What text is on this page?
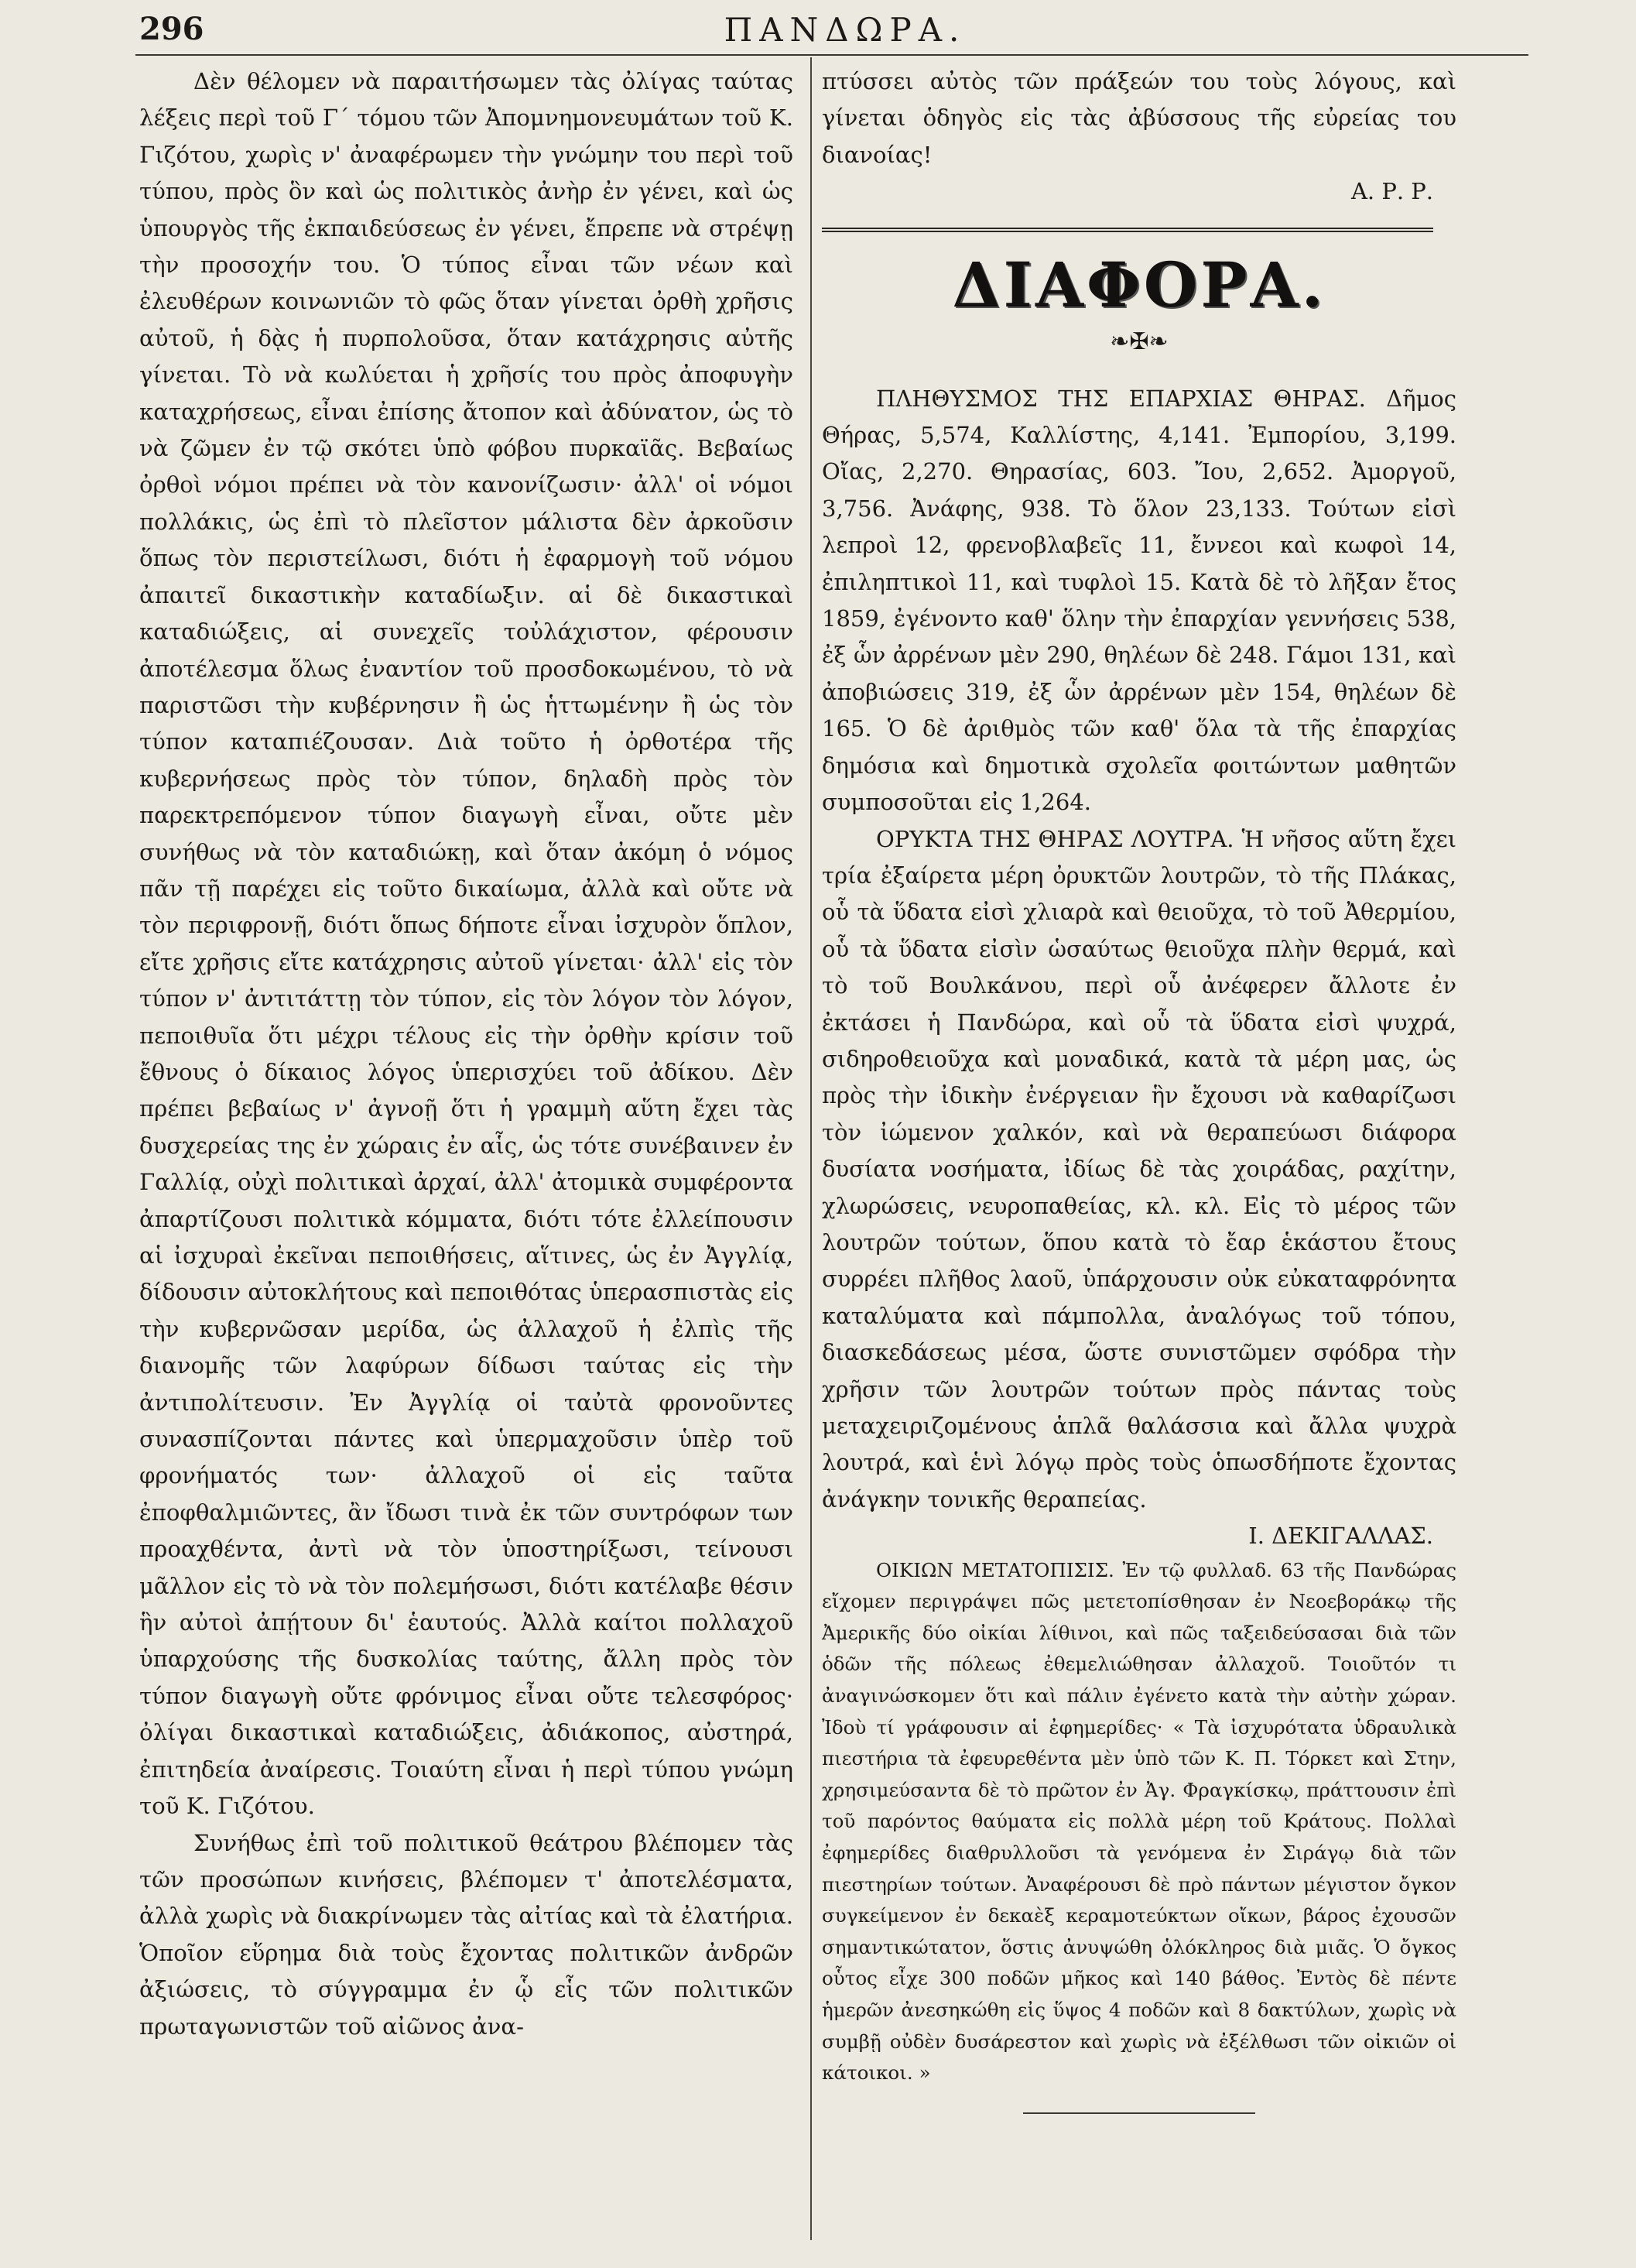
296	ΠΑΝΔΩΡΑ.

Δὲν θέλομεν νὰ παραιτήσωμεν τὰς ὀλίγας ταύτας λέξεις περὶ τοῦ Γ΄ τόμου τῶν Ἀπομνημονευμάτων τοῦ Κ. Γιζότου, χωρὶς ν' ἀναφέρωμεν τὴν γνώμην του περὶ τοῦ τύπου, πρὸς ὃν καὶ ὡς πολιτικὸς ἀνὴρ ἐν γένει, καὶ ὡς ὑπουργὸς τῆς ἐκπαιδεύσεως ἐν γένει, ἔπρεπε νὰ στρέψῃ τὴν προσοχήν του. Ὁ τύπος εἶναι τῶν νέων καὶ ἐλευθέρων κοινωνιῶν τὸ φῶς ὅταν γίνεται ὀρθὴ χρῆσις αὐτοῦ, ἡ δᾲς ἡ πυρπολοῦσα, ὅταν κατάχρησις αὐτῆς γίνεται. Τὸ νὰ κωλύεται ἡ χρῆσίς του πρὸς ἀποφυγὴν καταχρήσεως, εἶναι ἐπίσης ἄτοπον καὶ ἀδύνατον, ὡς τὸ νὰ ζῶμεν ἐν τῷ σκότει ὑπὸ φόβου πυρκαϊᾶς. Βεβαίως ὀρθοὶ νόμοι πρέπει νὰ τὸν κανονίζωσιν· ἀλλ' οἱ νόμοι πολλάκις, ὡς ἐπὶ τὸ πλεῖστον μάλιστα δὲν ἀρκοῦσιν ὅπως τὸν περιστείλωσι, διότι ἡ ἐφαρμογὴ τοῦ νόμου ἀπαιτεῖ δικαστικὴν καταδίωξιν. αἱ δὲ δικαστικαὶ καταδιώξεις, αἱ συνεχεῖς τοὐλάχιστον, φέρουσιν ἀποτέλεσμα ὅλως ἐναντίον τοῦ προσδοκωμένου, τὸ νὰ παριστῶσι τὴν κυβέρνησιν ἢ ὡς ἡττωμένην ἢ ὡς τὸν τύπον καταπιέζουσαν. Διὰ τοῦτο ἡ ὀρθοτέρα τῆς κυβερνήσεως πρὸς τὸν τύπον, δηλαδὴ πρὸς τὸν παρεκτρεπόμενον τύπον διαγωγὴ εἶναι, οὔτε μὲν συνήθως νὰ τὸν καταδιώκῃ, καὶ ὅταν ἀκόμη ὁ νόμος πᾶν τῇ παρέχει εἰς τοῦτο δικαίωμα, ἀλλὰ καὶ οὔτε νὰ τὸν περιφρονῇ, διότι ὅπως δήποτε εἶναι ἰσχυρὸν ὅπλον, εἴτε χρῆσις εἴτε κατάχρησις αὐτοῦ γίνεται· ἀλλ' εἰς τὸν τύπον ν' ἀντιτάττῃ τὸν τύπον, εἰς τὸν λόγον τὸν λόγον, πεποιθυῖα ὅτι μέχρι τέλους εἰς τὴν ὀρθὴν κρίσιν τοῦ ἔθνους ὁ δίκαιος λόγος ὑπερισχύει τοῦ ἀδίκου. Δὲν πρέπει βεβαίως ν' ἀγνοῇ ὅτι ἡ γραμμὴ αὕτη ἔχει τὰς δυσχερείας της ἐν χώραις ἐν αἷς, ὡς τότε συνέβαινεν ἐν Γαλλίᾳ, οὐχὶ πολιτικαὶ ἀρχαί, ἀλλ' ἀτομικὰ συμφέροντα ἀπαρτίζουσι πολιτικὰ κόμματα, διότι τότε ἐλλείπουσιν αἱ ἰσχυραὶ ἐκεῖναι πεποιθήσεις, αἵτινες, ὡς ἐν Ἀγγλίᾳ, δίδουσιν αὐτοκλήτους καὶ πεποιθότας ὑπερασπιστὰς εἰς τὴν κυβερνῶσαν μερίδα, ὡς ἀλλαχοῦ ἡ ἐλπὶς τῆς διανομῆς τῶν λαφύρων δίδωσι ταύτας εἰς τὴν ἀντιπολίτευσιν. Ἐν Ἀγγλίᾳ οἱ ταὐτὰ φρονοῦντες συνασπίζονται πάντες καὶ ὑπερμαχοῦσιν ὑπὲρ τοῦ φρονήματός των· ἀλλαχοῦ οἱ εἰς ταῦτα ἐποφθαλμιῶντες, ἂν ἴδωσι τινὰ ἐκ τῶν συντρόφων των προαχθέντα, ἀντὶ νὰ τὸν ὑποστηρίξωσι, τείνουσι μᾶλλον εἰς τὸ νὰ τὸν πολεμήσωσι, διότι κατέλαβε θέσιν ἣν αὐτοὶ ἀπῄτουν δι' ἑαυτούς. Ἀλλὰ καίτοι πολλαχοῦ ὑπαρχούσης τῆς δυσκολίας ταύτης, ἄλλη πρὸς τὸν τύπον διαγωγὴ οὔτε φρόνιμος εἶναι οὔτε τελεσφόρος· ὀλίγαι δικαστικαὶ καταδιώξεις, ἀδιάκοπος, αὐστηρά, ἐπιτηδεία ἀναίρεσις. Τοιαύτη εἶναι ἡ περὶ τύπου γνώμη τοῦ Κ. Γιζότου.

Συνήθως ἐπὶ τοῦ πολιτικοῦ θεάτρου βλέπομεν τὰς τῶν προσώπων κινήσεις, βλέπομεν τ' ἀποτελέσματα, ἀλλὰ χωρὶς νὰ διακρίνωμεν τὰς αἰτίας καὶ τὰ ἐλατήρια. Ὁποῖον εὕρημα διὰ τοὺς ἔχοντας πολιτικῶν ἀνδρῶν ἀξιώσεις, τὸ σύγγραμμα ἐν ᾧ εἷς τῶν πολιτικῶν πρωταγωνιστῶν τοῦ αἰῶνος ἀνα-

πτύσσει αὐτὸς τῶν πράξεών του τοὺς λόγους, καὶ γίνεται ὁδηγὸς εἰς τὰς ἀβύσσους τῆς εὐρείας του διανοίας!

Α. Ρ. Ρ.

ΔΙΑΦΟΡΑ.
❧✠❧

ΠΛΗΘΥΣΜΟΣ ΤΗΣ ΕΠΑΡΧΙΑΣ ΘΗΡΑΣ. Δῆμος Θήρας, 5,574, Καλλίστης, 4,141. Ἐμπορίου, 3,199. Οἴας, 2,270. Θηρασίας, 603. Ἴου, 2,652. Ἀμοργοῦ, 3,756. Ἀνάφης, 938. Τὸ ὅλον 23,133. Τούτων εἰσὶ λεπροὶ 12, φρενοβλαβεῖς 11, ἔννεοι καὶ κωφοὶ 14, ἐπιληπτικοὶ 11, καὶ τυφλοὶ 15. Κατὰ δὲ τὸ λῆξαν ἔτος 1859, ἐγένοντο καθ' ὅλην τὴν ἐπαρχίαν γεννήσεις 538, ἐξ ὧν ἀρρένων μὲν 290, θηλέων δὲ 248. Γάμοι 131, καὶ ἀποβιώσεις 319, ἐξ ὧν ἀρρένων μὲν 154, θηλέων δὲ 165. Ὁ δὲ ἀριθμὸς τῶν καθ' ὅλα τὰ τῆς ἐπαρχίας δημόσια καὶ δημοτικὰ σχολεῖα φοιτώντων μαθητῶν συμποσοῦται εἰς 1,264.

ΟΡΥΚΤΑ ΤΗΣ ΘΗΡΑΣ ΛΟΥΤΡΑ. Ἡ νῆσος αὕτη ἔχει τρία ἐξαίρετα μέρη ὀρυκτῶν λουτρῶν, τὸ τῆς Πλάκας, οὗ τὰ ὕδατα εἰσὶ χλιαρὰ καὶ θειοῦχα, τὸ τοῦ Ἀθερμίου, οὗ τὰ ὕδατα εἰσὶν ὡσαύτως θειοῦχα πλὴν θερμά, καὶ τὸ τοῦ Βουλκάνου, περὶ οὗ ἀνέφερεν ἄλλοτε ἐν ἐκτάσει ἡ Πανδώρα, καὶ οὗ τὰ ὕδατα εἰσὶ ψυχρά, σιδηροθειοῦχα καὶ μοναδικά, κατὰ τὰ μέρη μας, ὡς πρὸς τὴν ἰδικὴν ἐνέργειαν ἣν ἔχουσι νὰ καθαρίζωσι τὸν ἰώμενον χαλκόν, καὶ νὰ θεραπεύωσι διάφορα δυσίατα νοσήματα, ἰδίως δὲ τὰς χοιράδας, ραχίτην, χλωρώσεις, νευροπαθείας, κλ. κλ. Εἰς τὸ μέρος τῶν λουτρῶν τούτων, ὅπου κατὰ τὸ ἔαρ ἑκάστου ἔτους συρρέει πλῆθος λαοῦ, ὑπάρχουσιν οὐκ εὐκαταφρόνητα καταλύματα καὶ πάμπολλα, ἀναλόγως τοῦ τόπου, διασκεδάσεως μέσα, ὥστε συνιστῶμεν σφόδρα τὴν χρῆσιν τῶν λουτρῶν τούτων πρὸς πάντας τοὺς μεταχειριζομένους ἁπλᾶ θαλάσσια καὶ ἄλλα ψυχρὰ λουτρά, καὶ ἑνὶ λόγῳ πρὸς τοὺς ὁπωσδήποτε ἔχοντας ἀνάγκην τονικῆς θεραπείας.

Ι. ΔΕΚΙΓΑΛΛΑΣ.

ΟΙΚΙΩΝ ΜΕΤΑΤΟΠΙΣΙΣ. Ἐν τῷ φυλλαδ. 63 τῆς Πανδώρας εἴχομεν περιγράψει πῶς μετετοπίσθησαν ἐν Νεοεβοράκῳ τῆς Ἀμερικῆς δύο οἰκίαι λίθινοι, καὶ πῶς ταξειδεύσασαι διὰ τῶν ὁδῶν τῆς πόλεως ἐθεμελιώθησαν ἀλλαχοῦ. Τοιοῦτόν τι ἀναγινώσκομεν ὅτι καὶ πάλιν ἐγένετο κατὰ τὴν αὐτὴν χώραν. Ἰδοὺ τί γράφουσιν αἱ ἐφημερίδες· « Τὰ ἰσχυρότατα ὑδραυλικὰ πιεστήρια τὰ ἐφευρεθέντα μὲν ὑπὸ τῶν Κ. Π. Τόρκετ καὶ Στην, χρησιμεύσαντα δὲ τὸ πρῶτον ἐν Ἀγ. Φραγκίσκῳ, πράττουσιν ἐπὶ τοῦ παρόντος θαύματα εἰς πολλὰ μέρη τοῦ Κράτους. Πολλαὶ ἐφημερίδες διαθρυλλοῦσι τὰ γενόμενα ἐν Σιράγῳ διὰ τῶν πιεστηρίων τούτων. Ἀναφέρουσι δὲ πρὸ πάντων μέγιστον ὄγκον συγκείμενον ἐν δεκαὲξ κεραμοτεύκτων οἴκων, βάρος ἐχουσῶν σημαντικώτατον, ὅστις ἀνυψώθη ὁλόκληρος διὰ μιᾶς. Ὁ ὄγκος οὗτος εἶχε 300 ποδῶν μῆκος καὶ 140 βάθος. Ἐντὸς δὲ πέντε ἡμερῶν ἀνεσηκώθη εἰς ὕψος 4 ποδῶν καὶ 8 δακτύλων, χωρὶς νὰ συμβῇ οὐδὲν δυσάρεστον καὶ χωρὶς νὰ ἐξέλθωσι τῶν οἰκιῶν οἱ κάτοικοι. »
